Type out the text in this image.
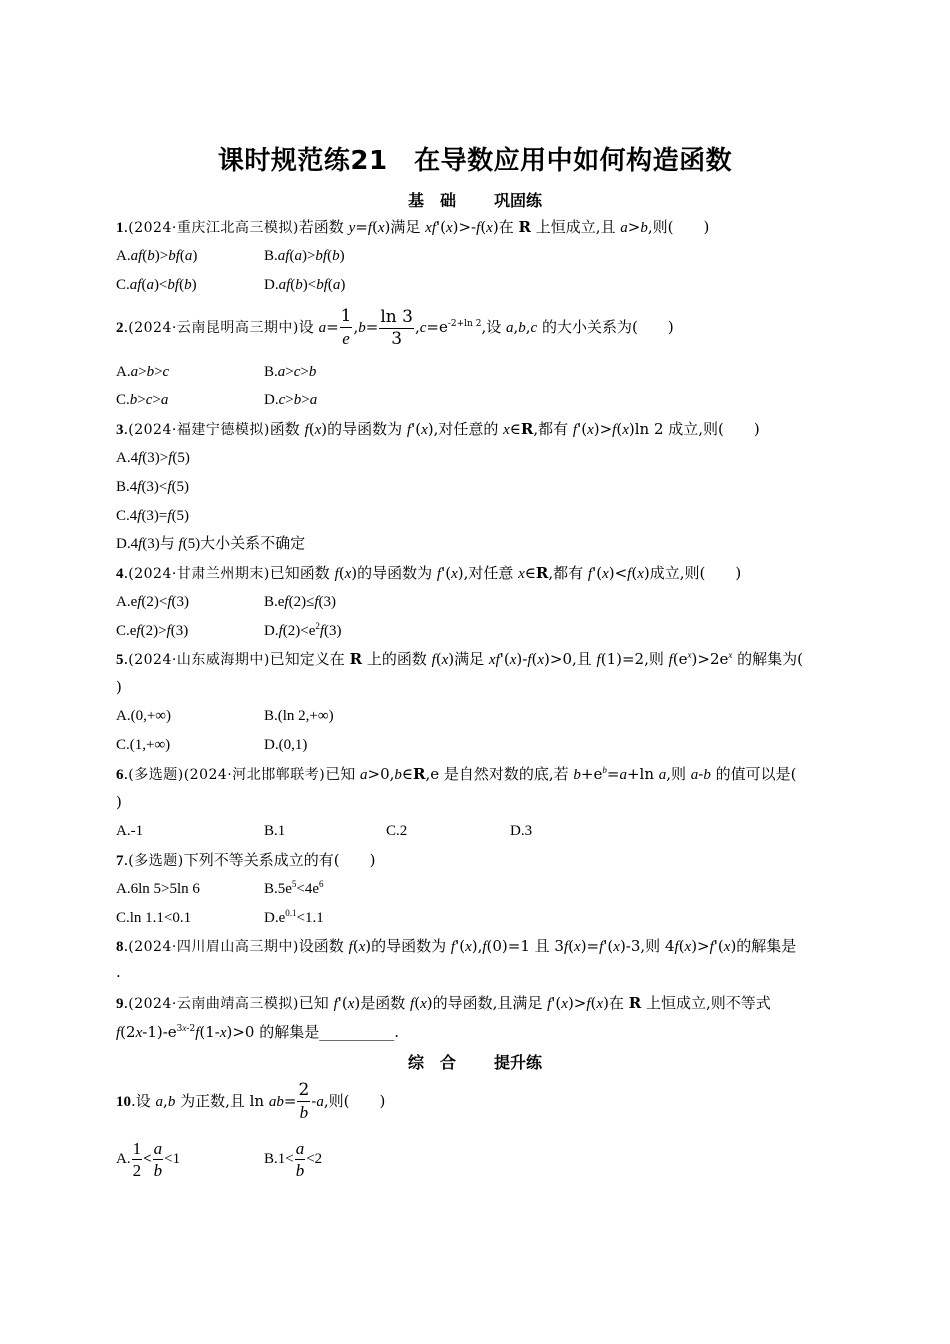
课时规范练21　在导数应用中如何构造函数
基　础 巩固练
1.(2024·重庆江北高三模拟)若函数 y=f(x)满足 xf'(x)>-f(x)在 R 上恒成立,且 a>b,则(　　)
A.af(b)>bf(a)	B.af(a)>bf(b)
C.af(a)<bf(b)	D.af(b)<bf(a)
2.(2024·云南昆明高三期中)设 $a= \frac{1}{e} ,b= \frac{\ln 3}{3} ,c=e^{-2+ln 2}$,设 a,b,c 的大小关系为(　　)
A.a>b>c	B.a>c>b
C.b>c>a	D.c>b>a
3.(2024·福建宁德模拟)函数 f(x)的导函数为 f'(x),对任意的 x∈R,都有 f'(x)>f(x)ln 2 成立,则(　　)
A.4f(3)>f(5)
B.4f(3)<f(5)
C.4f(3)=f(5)
D.4f(3)与 f(5)大小关系不确定
4.(2024·甘肃兰州期末)已知函数 f(x)的导函数为 f'(x),对任意 x∈R,都有 f'(x)<f(x)成立,则(　　)
A.ef(2)<f(3)	B.ef(2)≤f(3)
C.ef(2)>f(3)	$D.f(2)<e^2f(3)$
5.(2024·山东威海期中)已知定义在 R 上的函数 f(x)满足 xf'(x)-f(x)>0,且 f(1)=2,则 $f(e^x)>2e^x$ 的解集为(
)
A.(0,+∞)	B.(ln 2,+∞)
C.(1,+∞)	D.(0,1)
6.(多选题)(2024·河北邯郸联考)已知 a>0,b∈R,e 是自然对数的底,若 $b+e^b=a+\ln$ a,则 a-b 的值可以是(
)
A.-1	B.1	C.2	D.3
7.(多选题)下列不等关系成立的有(　　)
A.6ln 5>5ln 6	$B.5e^5<4e^6$
C.ln 1.1<0.1	$D.e^{0.1}<1.1$
8.(2024·四川眉山高三期中)设函数 f(x)的导函数为 f'(x),f(0)=1 且 3f(x)=f'(x)-3,则 4f(x)>f'(x)的解集是
.
9.(2024·云南曲靖高三模拟)已知 f'(x)是函数 f(x)的导函数,且满足 f'(x)>f(x)在 R 上恒成立,则不等式
$f(2x-1)-e^{3x-2}f(1-x)>0$ 的解集是__________.
综　合 提升练
10.设 a,b 为正数,且 $\ln ab= \frac{2}{b} -a$,则(　　)
A. $\frac{1}{2} < \frac{a}{b} <1$	$B.1< \frac{a}{b} <2$
